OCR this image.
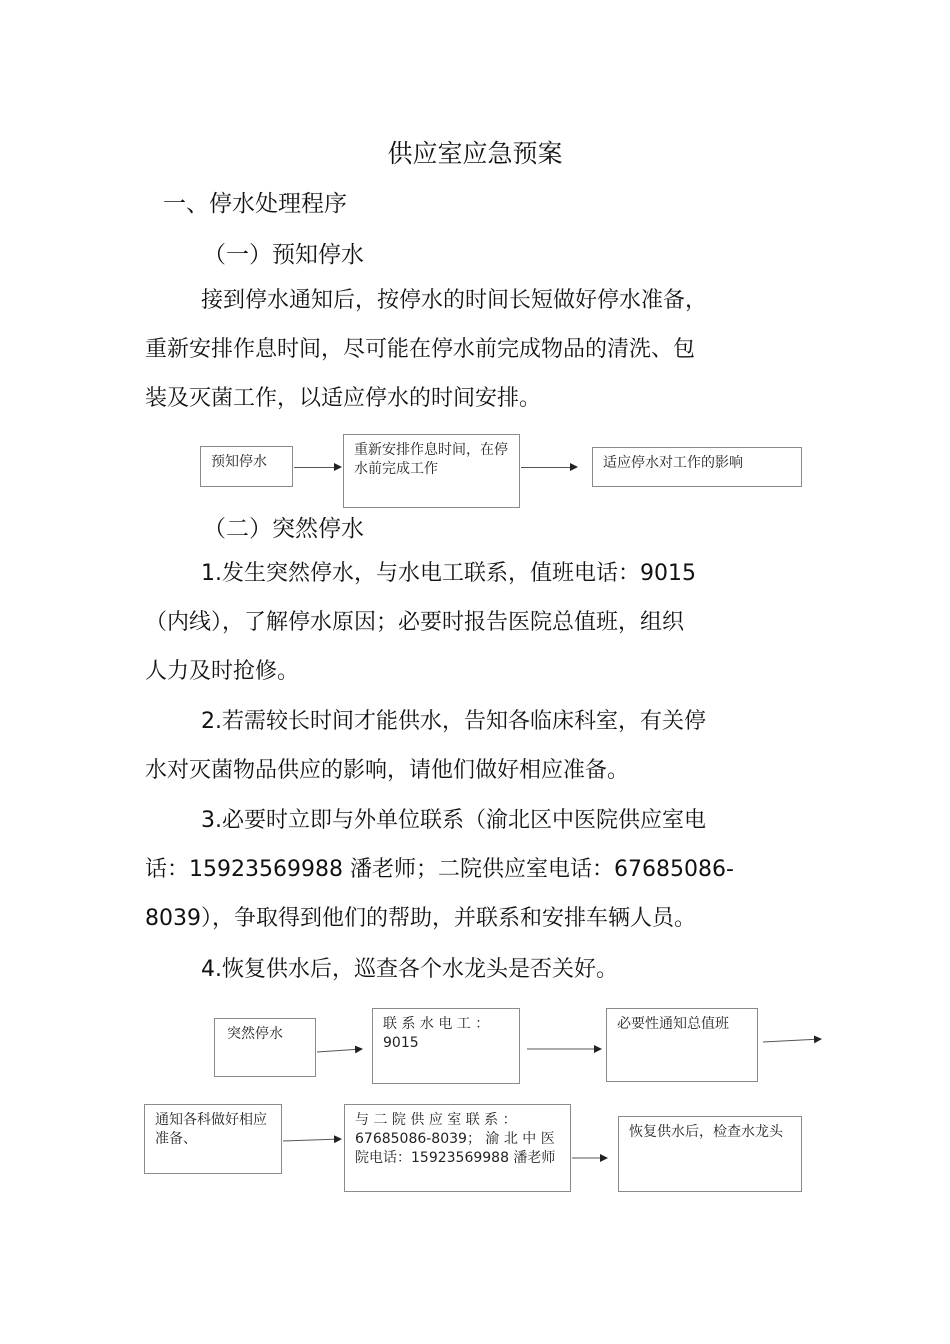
供应室应急预案
一、停水处理程序
（一）预知停水
接到停水通知后，按停水的时间长短做好停水准备，
重新安排作息时间，尽可能在停水前完成物品的清洗、包
装及灭菌工作，以适应停水的时间安排。
预知停水
重新安排作息时间，在停水前完成工作	适应停水对工作的影响
（二）突然停水
1.发生突然停水，与水电工联系，值班电话：9015
（内线），了解停水原因；必要时报告医院总值班，组织
人力及时抢修。
2.若需较长时间才能供水，告知各临床科室，有关停
水对灭菌物品供应的影响，请他们做好相应准备。
3.必要时立即与外单位联系（渝北区中医院供应室电
话：15923569988 潘老师；二院供应室电话：67685086-
8039），争取得到他们的帮助，并联系和安排车辆人员。
4.恢复供水后，巡查各个水龙头是否关好。
突然停水
联 系 水 电 工 ：9015
必要性通知总值班
通知各科做好相应准备、
与 二 院 供 应 室 联 系 ：67685086-8039； 渝 北 中 医院电话：15923569988 潘老师
恢复供水后，检查水龙头
